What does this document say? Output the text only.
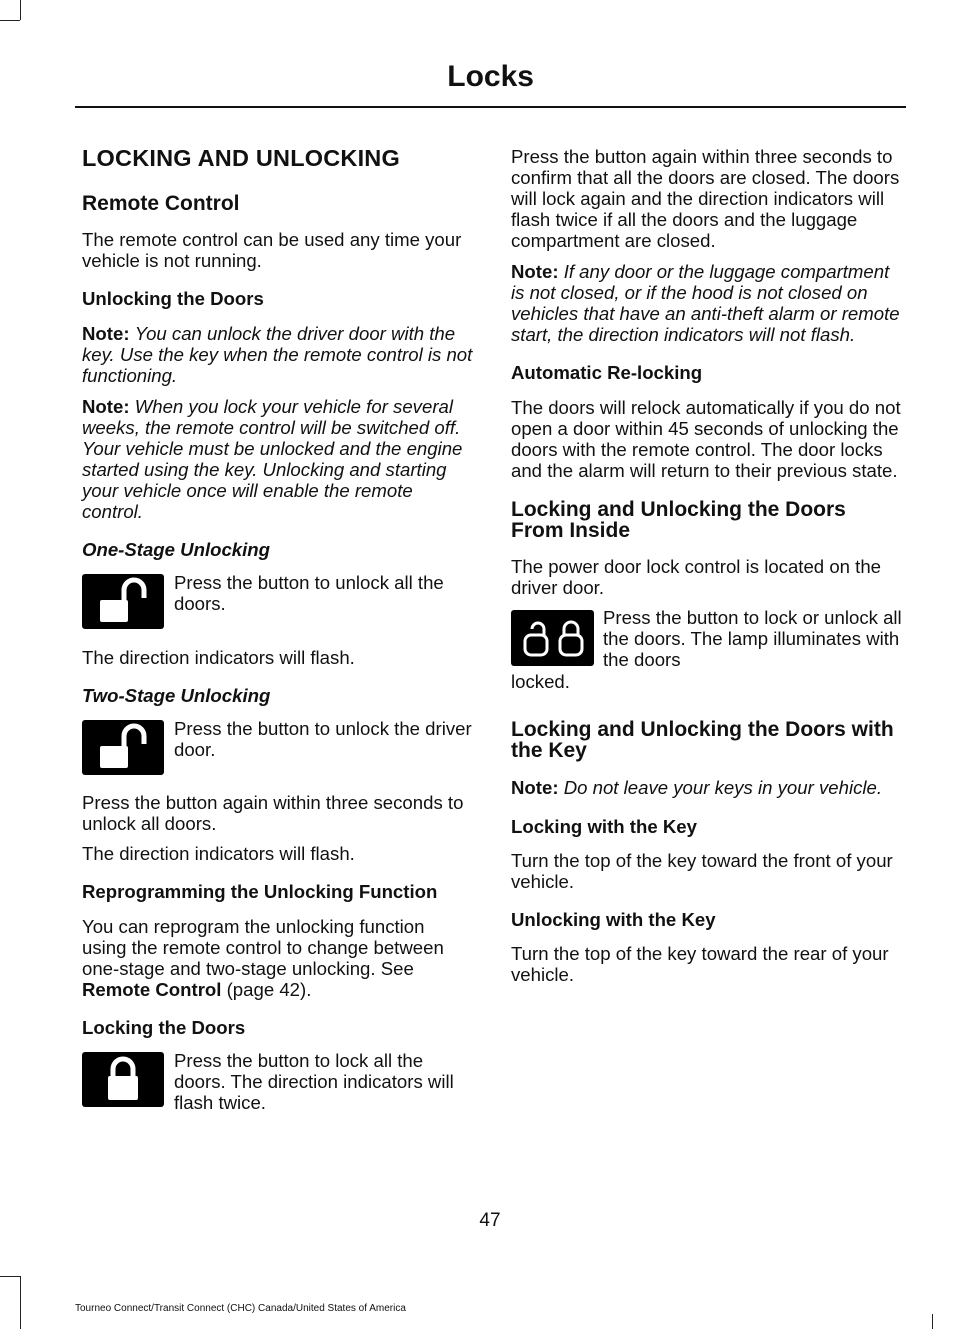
Locks

LOCKING AND UNLOCKING

Remote Control

The remote control can be used any time your vehicle is not running.

Unlocking the Doors

Note: You can unlock the driver door with the key. Use the key when the remote control is not functioning.

Note: When you lock your vehicle for several weeks, the remote control will be switched off. Your vehicle must be unlocked and the engine started using the key. Unlocking and starting your vehicle once will enable the remote control.

One-Stage Unlocking

Press the button to unlock all the doors.

The direction indicators will flash.

Two-Stage Unlocking

Press the button to unlock the driver door.

Press the button again within three seconds to unlock all doors.

The direction indicators will flash.

Reprogramming the Unlocking Function

You can reprogram the unlocking function using the remote control to change between one-stage and two-stage unlocking. See Remote Control (page 42).

Locking the Doors

Press the button to lock all the doors. The direction indicators will flash twice.

Press the button again within three seconds to confirm that all the doors are closed. The doors will lock again and the direction indicators will flash twice if all the doors and the luggage compartment are closed.

Note: If any door or the luggage compartment is not closed, or if the hood is not closed on vehicles that have an anti-theft alarm or remote start, the direction indicators will not flash.

Automatic Re-locking

The doors will relock automatically if you do not open a door within 45 seconds of unlocking the doors with the remote control. The door locks and the alarm will return to their previous state.

Locking and Unlocking the Doors From Inside

The power door lock control is located on the driver door.

Press the button to lock or unlock all the doors. The lamp illuminates with the doors

locked.

Locking and Unlocking the Doors with the Key

Note: Do not leave your keys in your vehicle.

Locking with the Key

Turn the top of the key toward the front of your vehicle.

Unlocking with the Key

Turn the top of the key toward the rear of your vehicle.

47
Tourneo Connect/Transit Connect (CHC) Canada/United States of America
